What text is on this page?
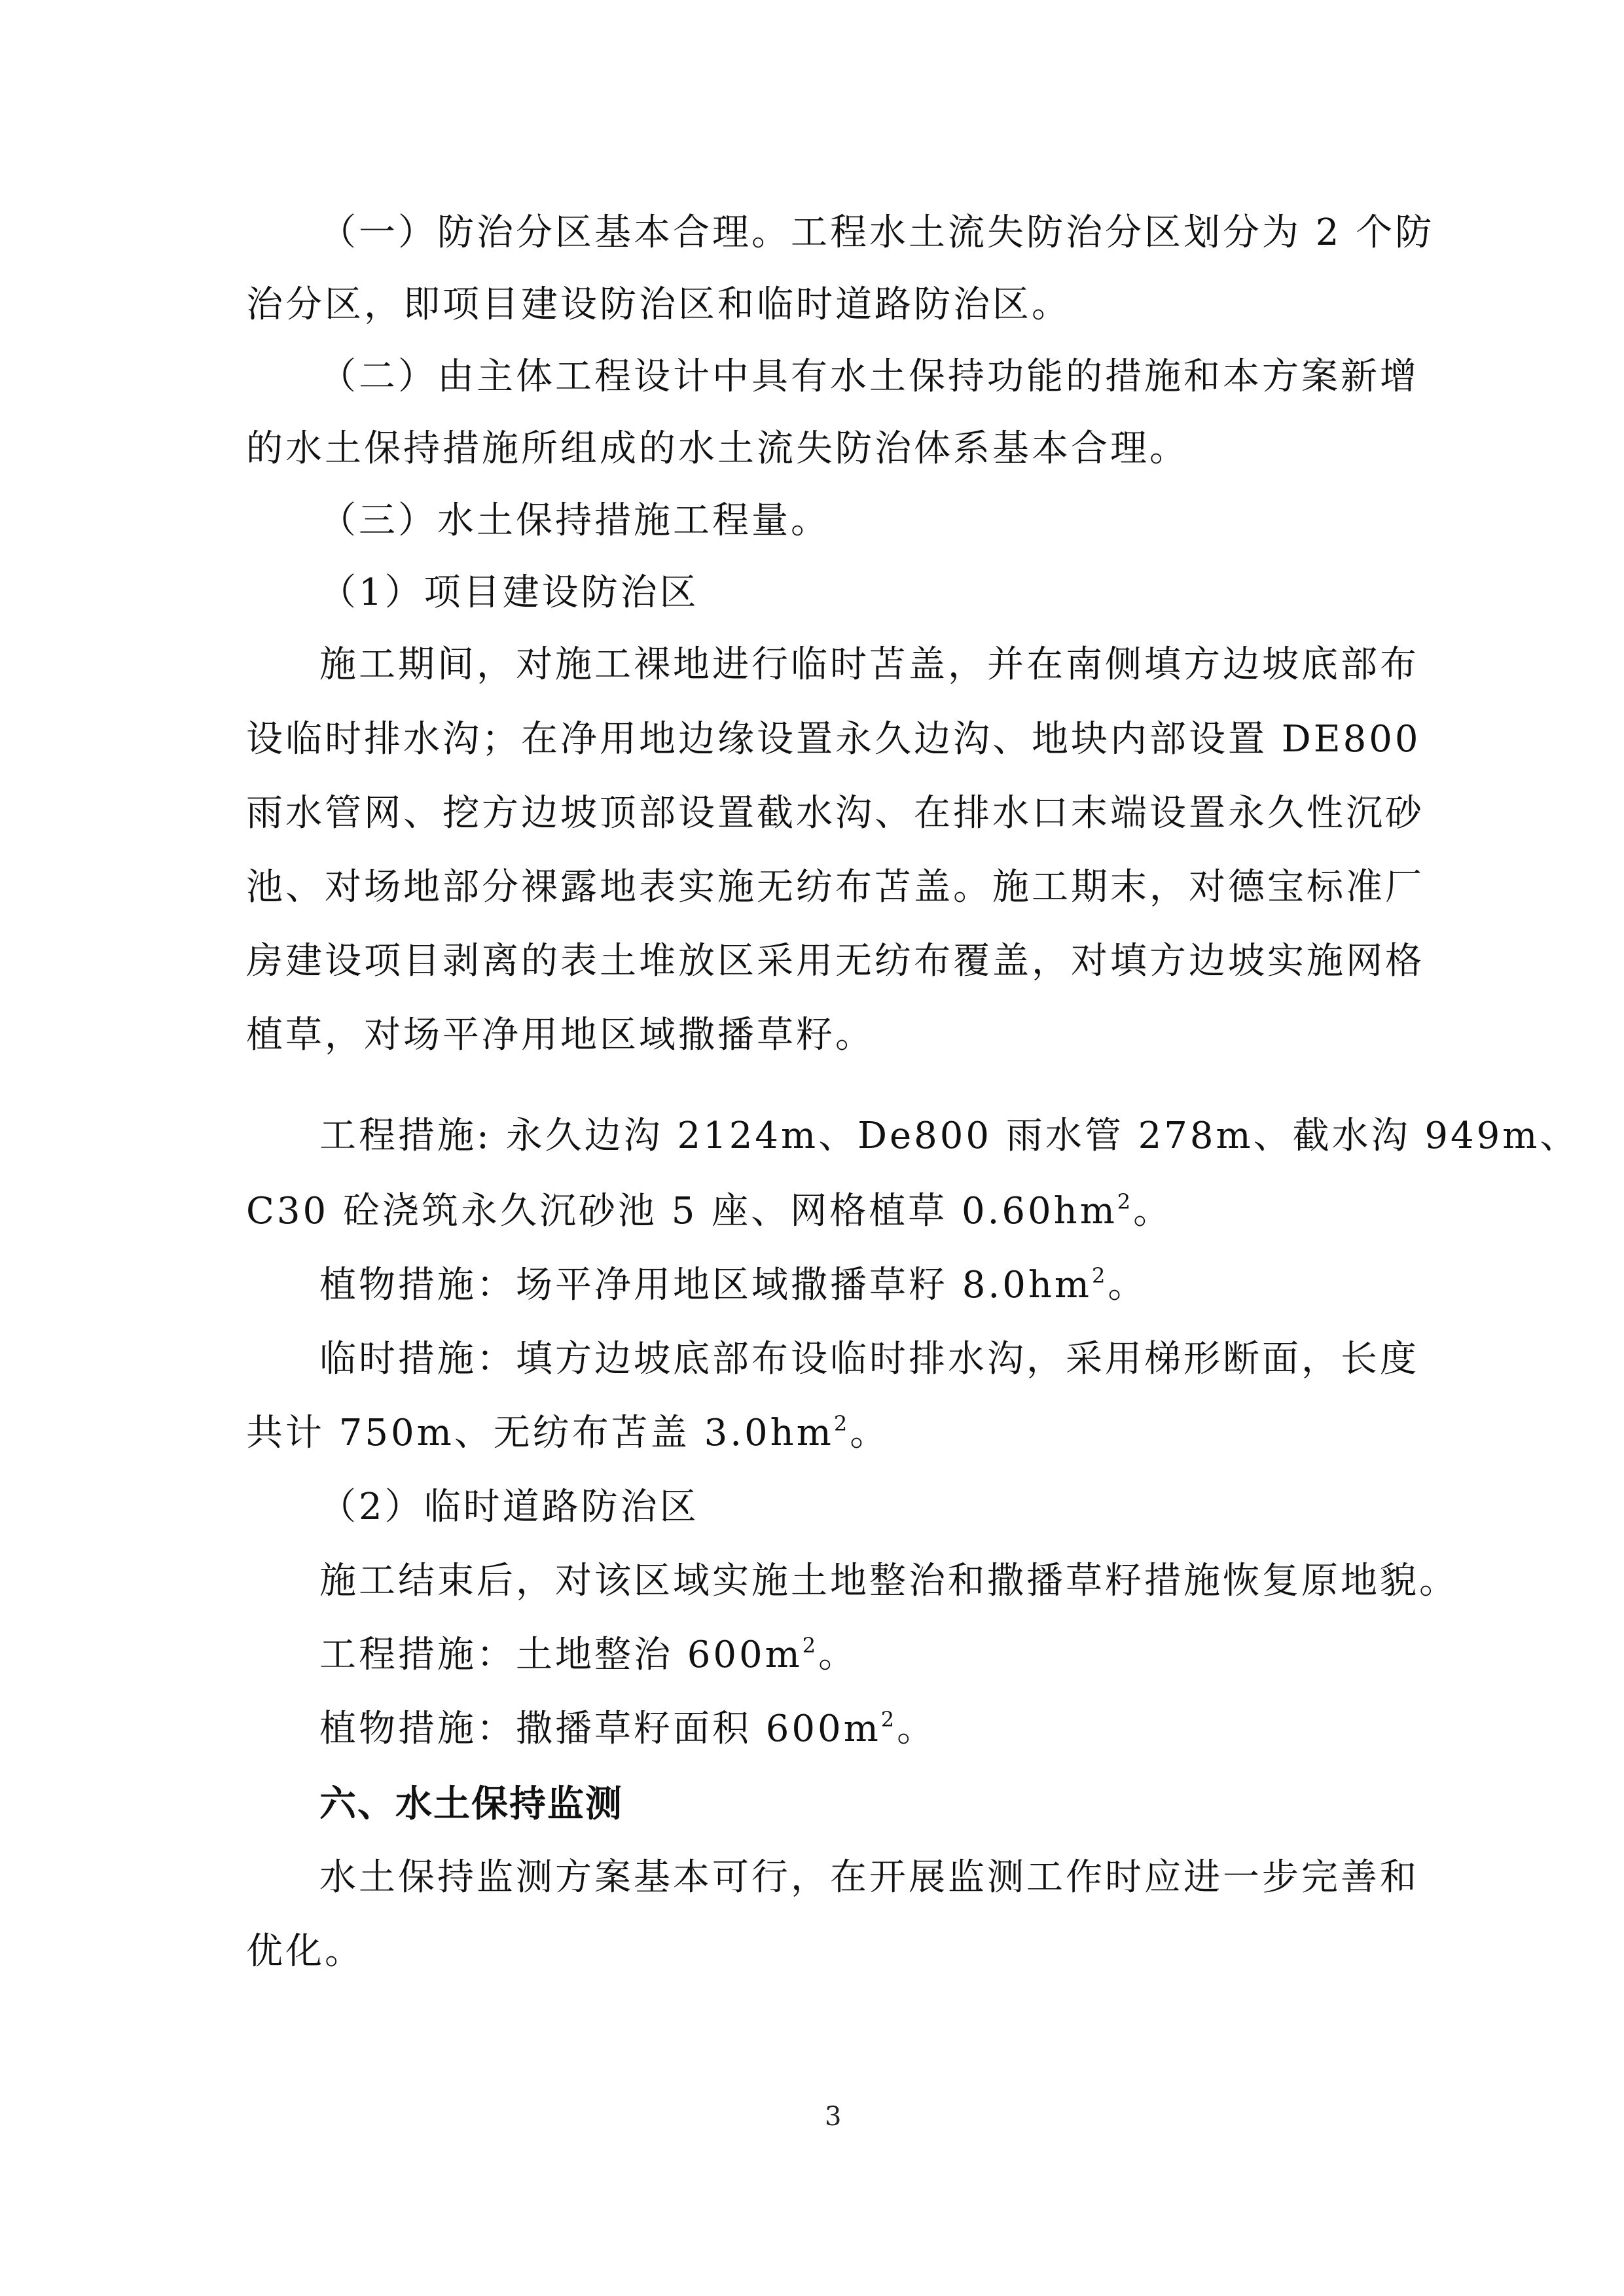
（一）防治分区基本合理。工程水土流失防治分区划分为 2 个防
治分区，即项目建设防治区和临时道路防治区。
（二）由主体工程设计中具有水土保持功能的措施和本方案新增
的水土保持措施所组成的水土流失防治体系基本合理。
（三）水土保持措施工程量。
（1）项目建设防治区
施工期间，对施工裸地进行临时苫盖，并在南侧填方边坡底部布
设临时排水沟；在净用地边缘设置永久边沟、地块内部设置 DE800
雨水管网、挖方边坡顶部设置截水沟、在排水口末端设置永久性沉砂
池、对场地部分裸露地表实施无纺布苫盖。施工期末，对德宝标准厂
房建设项目剥离的表土堆放区采用无纺布覆盖，对填方边坡实施网格
植草，对场平净用地区域撒播草籽。
工程措施: 永久边沟 2124m、De800 雨水管 278m、截水沟 949m、
C30 砼浇筑永久沉砂池 5 座、网格植草 $0.60hm^2$。
植物措施：场平净用地区域撒播草籽 $8.0hm^2$。
临时措施：填方边坡底部布设临时排水沟，采用梯形断面，长度
共计 750m、无纺布苫盖 $3.0hm^2$。
（2）临时道路防治区
施工结束后，对该区域实施土地整治和撒播草籽措施恢复原地貌。
工程措施：土地整治 $600m^2$。
植物措施：撒播草籽面积 $600m^2$。
六、水土保持监测
水土保持监测方案基本可行，在开展监测工作时应进一步完善和
优化。
3
